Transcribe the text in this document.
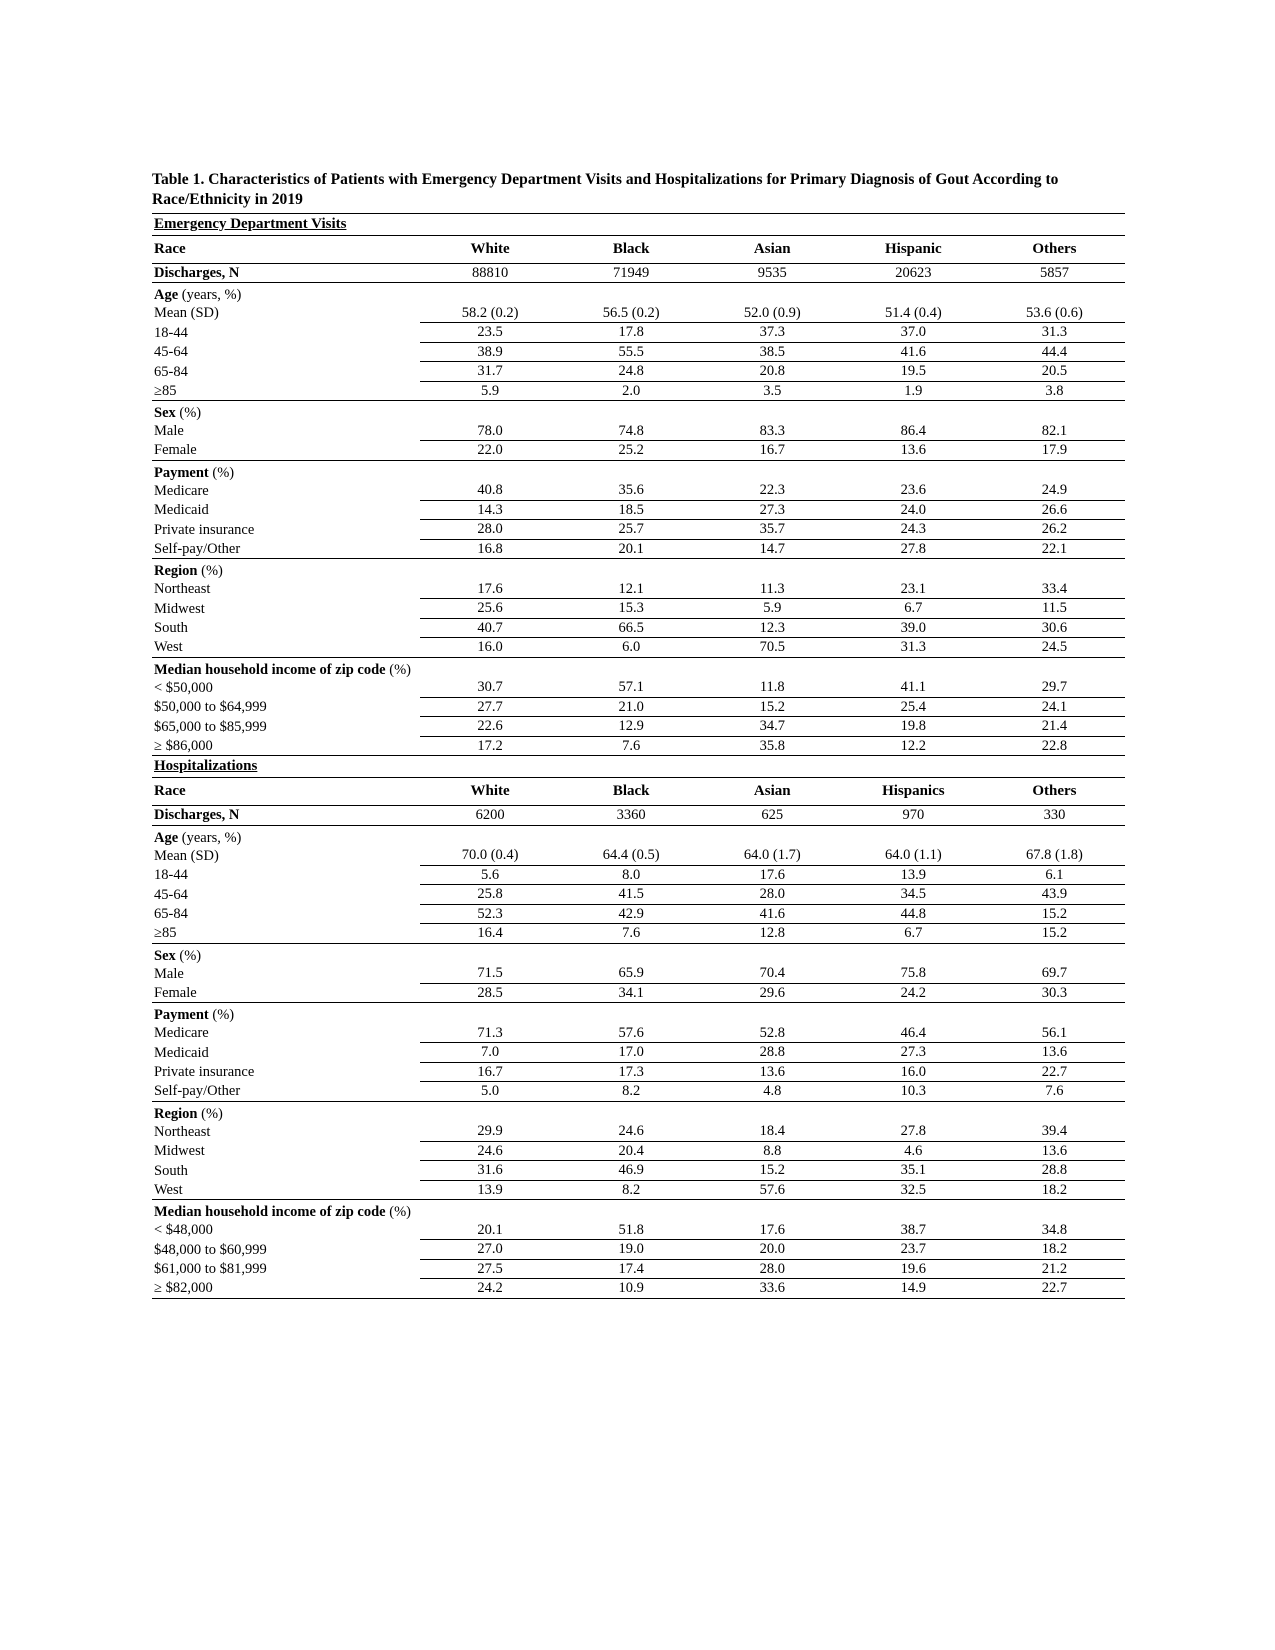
Table 1. Characteristics of Patients with Emergency Department Visits and Hospitalizations for Primary Diagnosis of Gout According to Race/Ethnicity in 2019
Emergency Department Visits					
Race	White	Black	Asian	Hispanic	Others
Discharges, N	88810	71949	9535	20623	5857
Age (years, %)					
Mean (SD)	58.2 (0.2)	56.5 (0.2)	52.0 (0.9)	51.4 (0.4)	53.6 (0.6)
18-44	23.5	17.8	37.3	37.0	31.3
45-64	38.9	55.5	38.5	41.6	44.4
65-84	31.7	24.8	20.8	19.5	20.5
≥85	5.9	2.0	3.5	1.9	3.8
Sex (%)					
Male	78.0	74.8	83.3	86.4	82.1
Female	22.0	25.2	16.7	13.6	17.9
Payment (%)					
Medicare	40.8	35.6	22.3	23.6	24.9
Medicaid	14.3	18.5	27.3	24.0	26.6
Private insurance	28.0	25.7	35.7	24.3	26.2
Self-pay/Other	16.8	20.1	14.7	27.8	22.1
Region (%)					
Northeast	17.6	12.1	11.3	23.1	33.4
Midwest	25.6	15.3	5.9	6.7	11.5
South	40.7	66.5	12.3	39.0	30.6
West	16.0	6.0	70.5	31.3	24.5
Median household income of zip code (%)					
< $50,000	30.7	57.1	11.8	41.1	29.7
$50,000 to $64,999	27.7	21.0	15.2	25.4	24.1
$65,000 to $85,999	22.6	12.9	34.7	19.8	21.4
≥ $86,000	17.2	7.6	35.8	12.2	22.8
Hospitalizations					
Race	White	Black	Asian	Hispanics	Others
Discharges, N	6200	3360	625	970	330
Age (years, %)					
Mean (SD)	70.0 (0.4)	64.4 (0.5)	64.0 (1.7)	64.0 (1.1)	67.8 (1.8)
18-44	5.6	8.0	17.6	13.9	6.1
45-64	25.8	41.5	28.0	34.5	43.9
65-84	52.3	42.9	41.6	44.8	15.2
≥85	16.4	7.6	12.8	6.7	15.2
Sex (%)					
Male	71.5	65.9	70.4	75.8	69.7
Female	28.5	34.1	29.6	24.2	30.3
Payment (%)					
Medicare	71.3	57.6	52.8	46.4	56.1
Medicaid	7.0	17.0	28.8	27.3	13.6
Private insurance	16.7	17.3	13.6	16.0	22.7
Self-pay/Other	5.0	8.2	4.8	10.3	7.6
Region (%)					
Northeast	29.9	24.6	18.4	27.8	39.4
Midwest	24.6	20.4	8.8	4.6	13.6
South	31.6	46.9	15.2	35.1	28.8
West	13.9	8.2	57.6	32.5	18.2
Median household income of zip code (%)					
< $48,000	20.1	51.8	17.6	38.7	34.8
$48,000 to $60,999	27.0	19.0	20.0	23.7	18.2
$61,000 to $81,999	27.5	17.4	28.0	19.6	21.2
≥ $82,000	24.2	10.9	33.6	14.9	22.7
